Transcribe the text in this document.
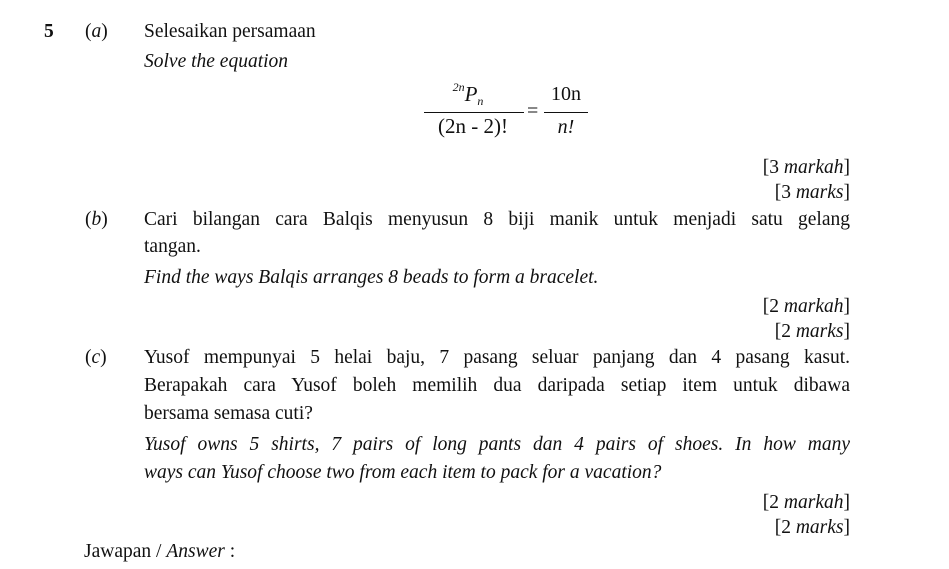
5 (a) Selesaikan persamaan
Solve the equation
$^{2n}P_n$
(2n - 2)!
=
10n
n!
[3 markah]
[3 marks]
(b) Cari bilangan cara Balqis menyusun 8 biji manik untuk menjadi satu gelang
tangan.
Find the ways Balqis arranges 8 beads to form a bracelet.
[2 markah]
[2 marks]
(c) Yusof mempunyai 5 helai baju, 7 pasang seluar panjang dan 4 pasang kasut.
Berapakah cara Yusof boleh memilih dua daripada setiap item untuk dibawa
bersama semasa cuti?
Yusof owns 5 shirts, 7 pairs of long pants dan 4 pairs of shoes. In how many
ways can Yusof choose two from each item to pack for a vacation?
[2 markah]
[2 marks]
Jawapan / Answer :
